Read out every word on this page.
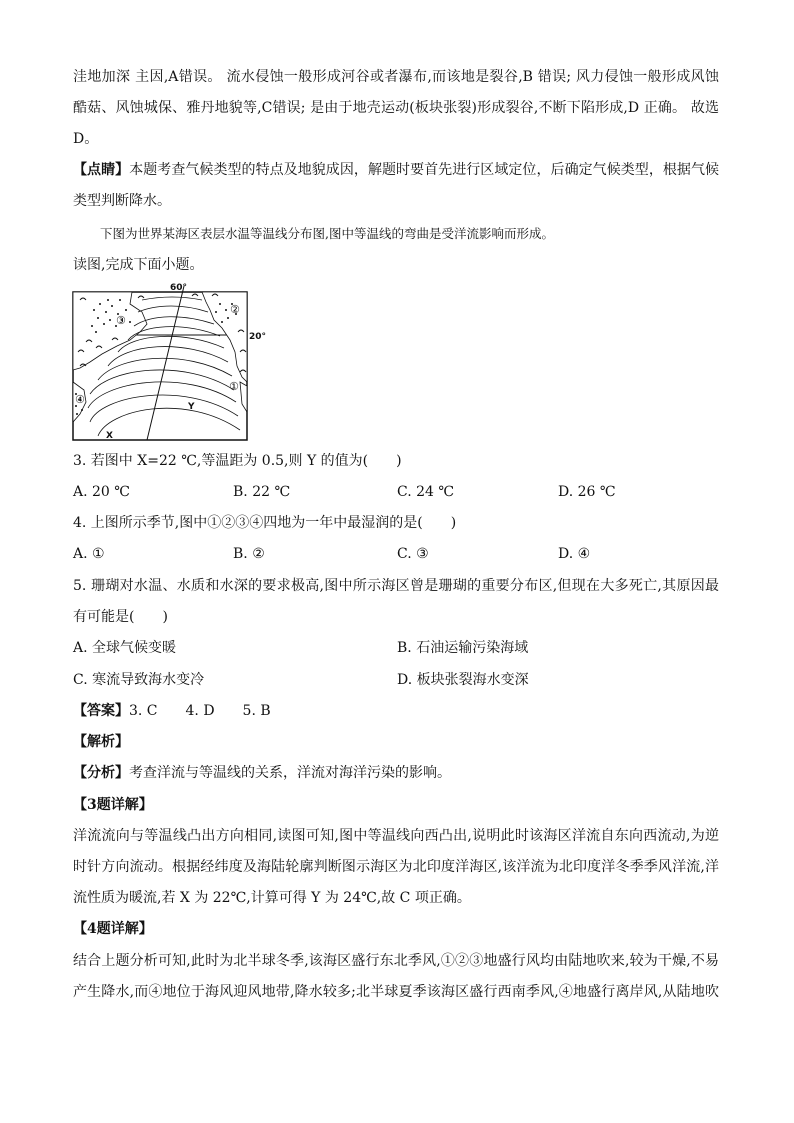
洼地加深 主因,A错误。 流水侵蚀一般形成河谷或者瀑布,而该地是裂谷,B 错误; 风力侵蚀一般形成风蚀
酷菇、风蚀城保、雅丹地貌等,C错误; 是由于地壳运动(板块张裂)形成裂谷,不断下陷形成,D 正确。 故选
D。
【点睛】本题考查气候类型的特点及地貌成因，解题时要首先进行区域定位，后确定气候类型，根据气候
类型判断降水。
下图为世界某海区表层水温等温线分布图,图中等温线的弯曲是受洋流影响而形成。
读图,完成下面小题。
60°
20°
③
②
④
①
X
Y
3. 若图中 X=22 ℃,等温距为 0.5,则 Y 的值为(　　)
A. 20 ℃	B. 22 ℃	C. 24 ℃	D. 26 ℃
4. 上图所示季节,图中①②③④四地为一年中最湿润的是(　　)
A. ①	B. ②	C. ③	D. ④
5. 珊瑚对水温、水质和水深的要求极高,图中所示海区曾是珊瑚的重要分布区,但现在大多死亡,其原因最
有可能是(　　)
A. 全球气候变暖	B. 石油运输污染海域
C. 寒流导致海水变冷	D. 板块张裂海水变深
【答案】3. C　　4. D　　5. B
【解析】
【分析】考查洋流与等温线的关系，洋流对海洋污染的影响。
【3题详解】
洋流流向与等温线凸出方向相同,读图可知,图中等温线向西凸出,说明此时该海区洋流自东向西流动,为逆
时针方向流动。根据经纬度及海陆轮廓判断图示海区为北印度洋海区,该洋流为北印度洋冬季季风洋流,洋
流性质为暖流,若 X 为 22℃,计算可得 Y 为 24℃,故 C 项正确。
【4题详解】
结合上题分析可知,此时为北半球冬季,该海区盛行东北季风,①②③地盛行风均由陆地吹来,较为干燥,不易
产生降水,而④地位于海风迎风地带,降水较多;北半球夏季该海区盛行西南季风,④地盛行离岸风,从陆地吹
